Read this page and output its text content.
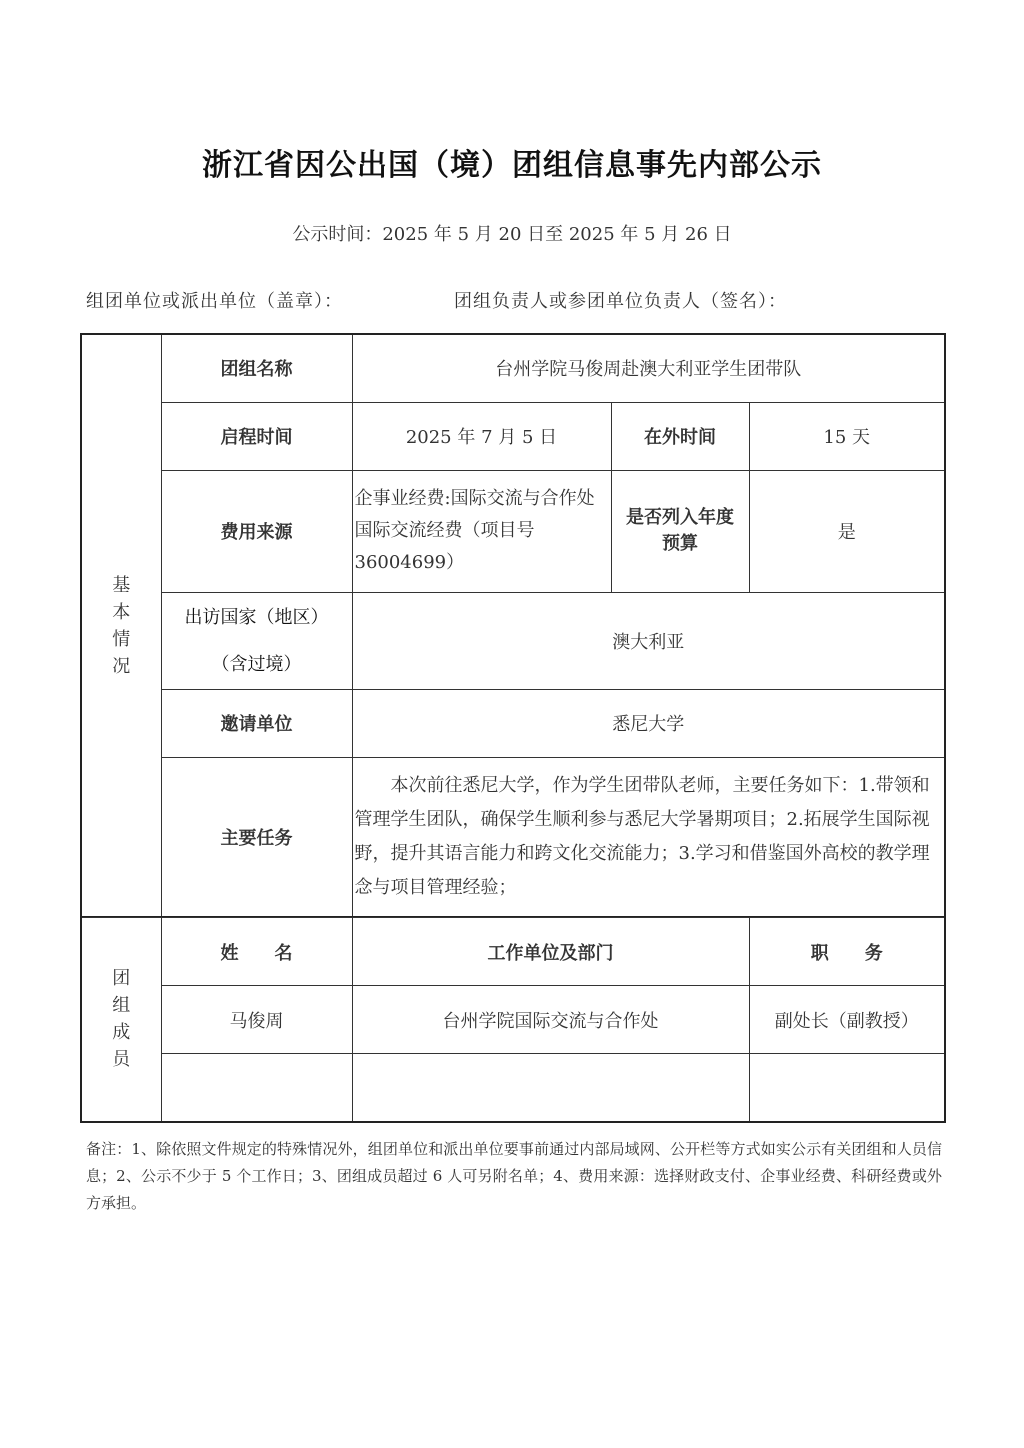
浙江省因公出国（境）团组信息事先内部公示
公示时间：2025 年 5 月 20 日至 2025 年 5 月 26 日
组团单位或派出单位（盖章）：	团组负责人或参团单位负责人（签名）：
基
本
情
况	团组名称	台州学院马俊周赴澳大利亚学生团带队		
	启程时间	2025 年 7 月 5 日	在外时间	15 天
	费用来源	企事业经费:国际交流与合作处国际交流经费（项目号36004699）	是否列入年度预算	是

	出访国家（地区）
（含过境）	澳大利亚		
	邀请单位	悉尼大学		
	主要任务	本次前往悉尼大学，作为学生团带队老师，主要任务如下：1.带领和管理学生团队，确保学生顺利参与悉尼大学暑期项目；2.拓展学生国际视野，提升其语言能力和跨文化交流能力；3.学习和借鉴国外高校的教学理念与项目管理经验；		

团
组
成
员	姓　　名	工作单位及部门	职　　务
	马俊周	台州学院国际交流与合作处	副处长（副教授）

备注：1、除依照文件规定的特殊情况外，组团单位和派出单位要事前通过内部局域网、公开栏等方式如实公示有关团组和人员信息；2、公示不少于 5 个工作日；3、团组成员超过 6 人可另附名单；4、费用来源：选择财政支付、企事业经费、科研经费或外方承担。
